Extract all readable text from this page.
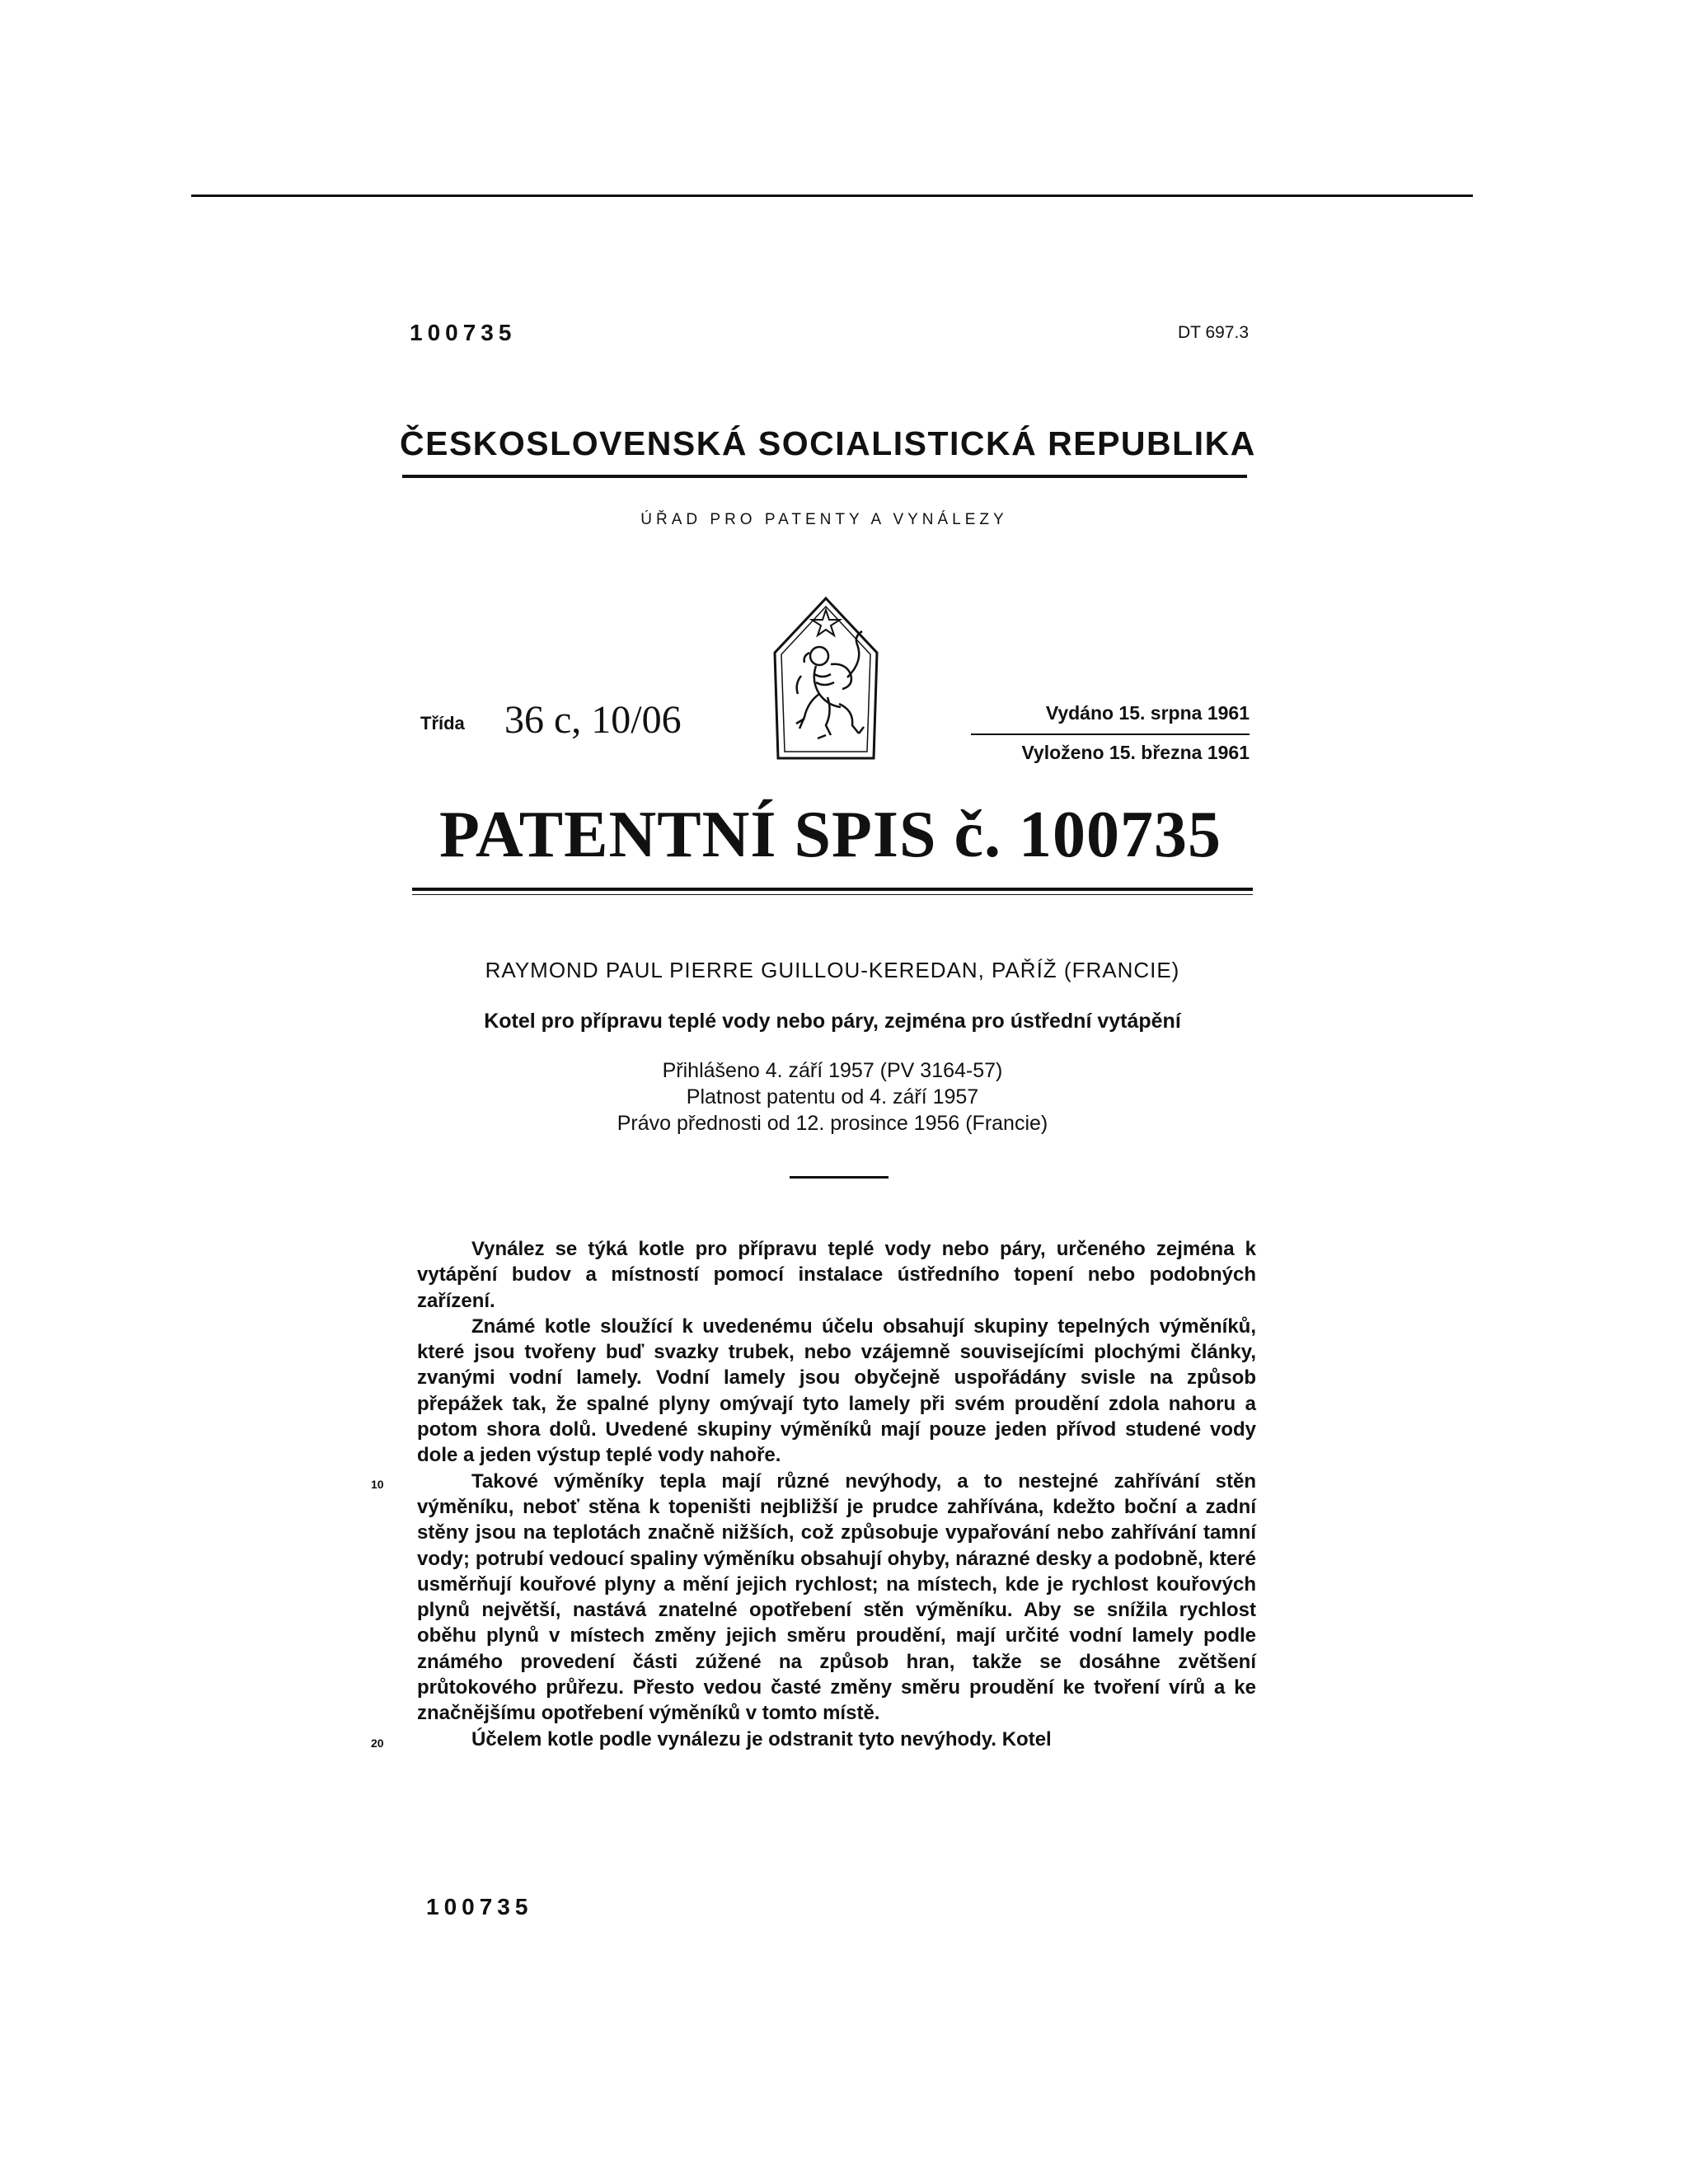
100735	DT 697.3
ČESKOSLOVENSKÁ SOCIALISTICKÁ REPUBLIKA
ÚŘAD PRO PATENTY A VYNÁLEZY
Třída 36 c, 10/06	Vydáno 15. srpna 1961
Vyloženo 15. března 1961
PATENTNÍ SPIS č. 100735
RAYMOND PAUL PIERRE GUILLOU-KEREDAN, PAŘÍŽ (FRANCIE)
Kotel pro přípravu teplé vody nebo páry, zejména pro ústřední vytápění
Přihlášeno 4. září 1957 (PV 3164-57)
Platnost patentu od 4. září 1957
Právo přednosti od 12. prosince 1956 (Francie)
10
20

Vynález se týká kotle pro přípravu teplé vody nebo páry, určeného zejména k vytápění budov a místností pomocí instalace ústředního topení nebo podobných zařízení.

Známé kotle sloužící k uvedenému účelu obsahují skupiny tepelných výměníků, které jsou tvořeny buď svazky trubek, nebo vzájemně souvisejícími plochými články, zvanými vodní lamely. Vodní lamely jsou obyčejně uspořádány svisle na způsob přepážek tak, že spalné plyny omývají tyto lamely při svém proudění zdola nahoru a potom shora dolů. Uvedené skupiny výměníků mají pouze jeden přívod studené vody dole a jeden výstup teplé vody nahoře.

Takové výměníky tepla mají různé nevýhody, a to nestejné zahřívání stěn výměníku, neboť stěna k topeništi nejbližší je prudce zahřívána, kdežto boční a zadní stěny jsou na teplotách značně nižších, což způsobuje vypařování nebo zahřívání tamní vody; potrubí vedoucí spaliny výměníku obsahují ohyby, nárazné desky a podobně, které usměrňují kouřové plyny a mění jejich rychlost; na místech, kde je rychlost kouřových plynů největší, nastává znatelné opotřebení stěn výměníku. Aby se snížila rychlost oběhu plynů v místech změny jejich směru proudění, mají určité vodní lamely podle známého provedení části zúžené na způsob hran, takže se dosáhne zvětšení průtokového průřezu. Přesto vedou časté změny směru proudění ke tvoření vírů a ke značnějšímu opotřebení výměníků v tomto místě.

Účelem kotle podle vynálezu je odstranit tyto nevýhody. Kotel

100735
